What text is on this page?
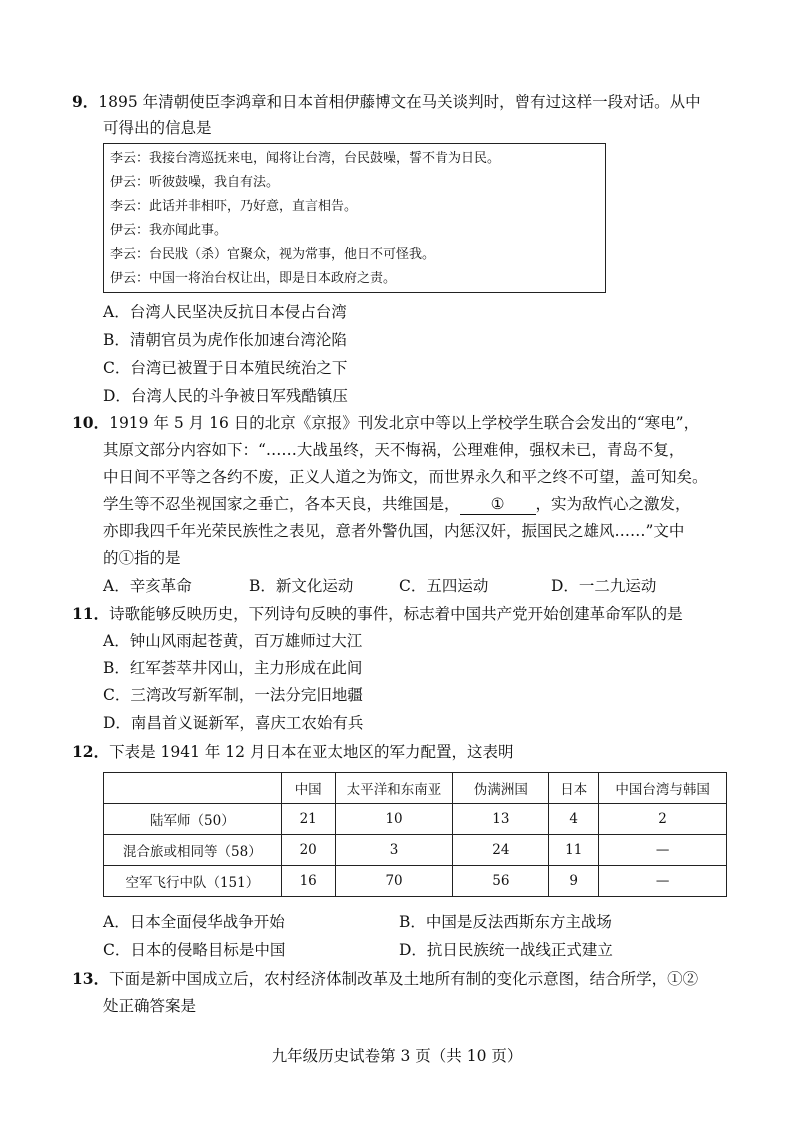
9．1895 年清朝使臣李鸿章和日本首相伊藤博文在马关谈判时，曾有过这样一段对话。从中
可得出的信息是
李云：我接台湾巡抚来电，闻将让台湾，台民鼓噪，誓不肯为日民。
伊云：听彼鼓噪，我自有法。
李云：此话并非相吓，乃好意，直言相告。
伊云：我亦闻此事。
李云：台民戕（杀）官聚众，视为常事，他日不可怪我。
伊云：中国一将治台权让出，即是日本政府之责。
A．台湾人民坚决反抗日本侵占台湾
B．清朝官员为虎作伥加速台湾沦陷
C．台湾已被置于日本殖民统治之下
D．台湾人民的斗争被日军残酷镇压
10．1919 年 5 月 16 日的北京《京报》刊发北京中等以上学校学生联合会发出的“寒电”，
其原文部分内容如下：“……大战虽终，天不悔祸，公理难伸，强权未已，青岛不复，
中日间不平等之各约不废，正义人道之为饰文，而世界永久和平之终不可望，盖可知矣。
学生等不忍坐视国家之垂亡，各本天良，共维国是， ① ，实为敌忾心之激发，
亦即我四千年光荣民族性之表见，意者外警仇国，内惩汉奸，振国民之雄风……”文中
的①指的是
A．辛亥革命	B．新文化运动	C．五四运动	D．一二九运动
11．诗歌能够反映历史，下列诗句反映的事件，标志着中国共产党开始创建革命军队的是
A．钟山风雨起苍黄，百万雄师过大江
B．红军荟萃井冈山，主力形成在此间
C．三湾改写新军制，一法分完旧地疆
D．南昌首义诞新军，喜庆工农始有兵
12．下表是 1941 年 12 月日本在亚太地区的军力配置，这表明
	中国	太平洋和东南亚	伪满洲国	日本	中国台湾与韩国
陆军师（50）	21	10	13	4	2
混合旅或相同等（58）	20	3	24	11	—
空军飞行中队（151）	16	70	56	9	—
A．日本全面侵华战争开始	B．中国是反法西斯东方主战场
C．日本的侵略目标是中国	D．抗日民族统一战线正式建立
13．下面是新中国成立后，农村经济体制改革及土地所有制的变化示意图，结合所学，①②
处正确答案是
九年级历史试卷第 3 页（共 10 页）
